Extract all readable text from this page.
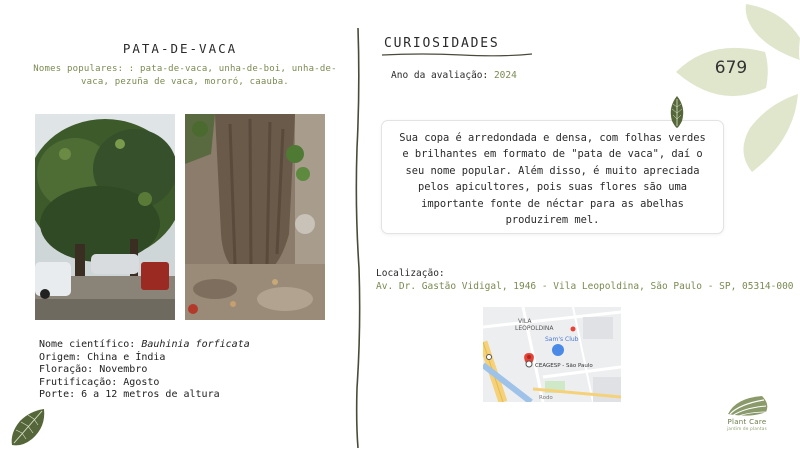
PATA-DE-VACA
Nomes populares: : pata-de-vaca, unha-de-boi, unha-de-vaca, pezuña de vaca, mororó, caauba.
Nome científico: Bauhinia forficata
Origem: China e Índia
Floração: Novembro
Frutificação: Agosto
Porte: 6 a 12 metros de altura
CURIOSIDADES
Ano da avaliação: 2024
Sua copa é arredondada e densa, com folhas verdes e brilhantes em formato de "pata de vaca", daí o seu nome popular. Além disso, é muito apreciada pelos apicultores, pois suas flores são uma importante fonte de néctar para as abelhas produzirem mel.
Localização:
Av. Dr. Gastão Vidigal, 1946 - Vila Leopoldina, São Paulo - SP, 05314-000
VILA
LEOPOLDINA
Sam's Club
CEAGESP - São Paulo
Rodo
679
Plant Care
jardim de plantas
